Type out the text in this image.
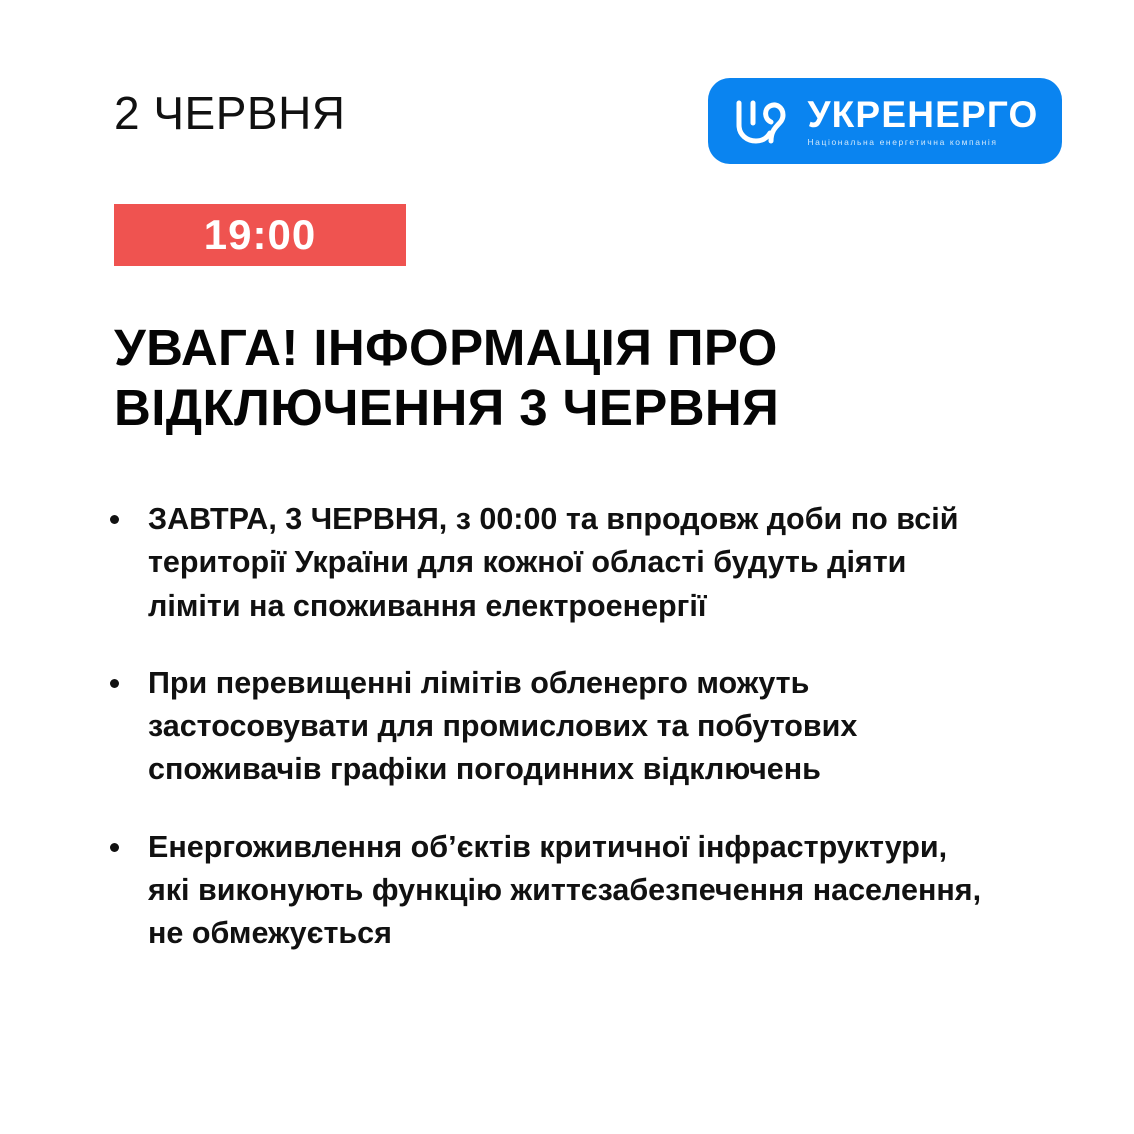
2 ЧЕРВНЯ	УКРЕНЕРГО
Національна енергетична компанія
19:00
УВАГА! ІНФОРМАЦІЯ ПРО ВІДКЛЮЧЕННЯ 3 ЧЕРВНЯ
ЗАВТРА, 3 ЧЕРВНЯ, з 00:00 та впродовж доби по всій території України для кожної області будуть діяти ліміти на споживання електроенергії
При перевищенні лімітів обленерго можуть застосовувати для промислових та побутових споживачів графіки погодинних відключень
Енергоживлення об’єктів критичної інфраструктури, які виконують функцію життєзабезпечення населення, не обмежується
